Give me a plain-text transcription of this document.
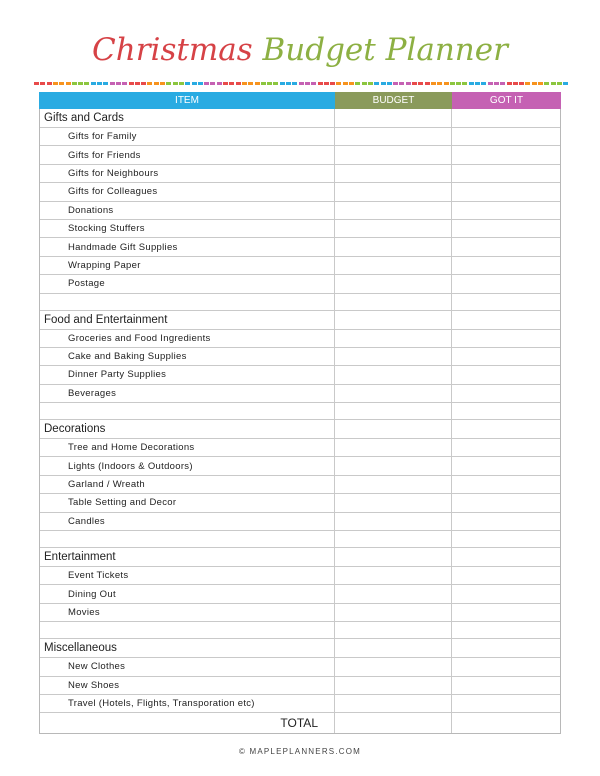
Christmas Budget Planner
ITEM	BUDGET	GOT IT
Gifts and Cards
Gifts for Family
Gifts for Friends
Gifts for Neighbours
Gifts for Colleagues
Donations
Stocking Stuffers
Handmade Gift Supplies
Wrapping Paper
Postage
Food and Entertainment
Groceries and Food Ingredients
Cake and Baking Supplies
Dinner Party Supplies
Beverages
Decorations
Tree and Home Decorations
Lights (Indoors & Outdoors)
Garland / Wreath
Table Setting and Decor
Candles
Entertainment
Event Tickets
Dining Out
Movies
Miscellaneous
New Clothes
New Shoes
Travel (Hotels, Flights, Transporation etc)
TOTAL
© MAPLEPLANNERS.COM
